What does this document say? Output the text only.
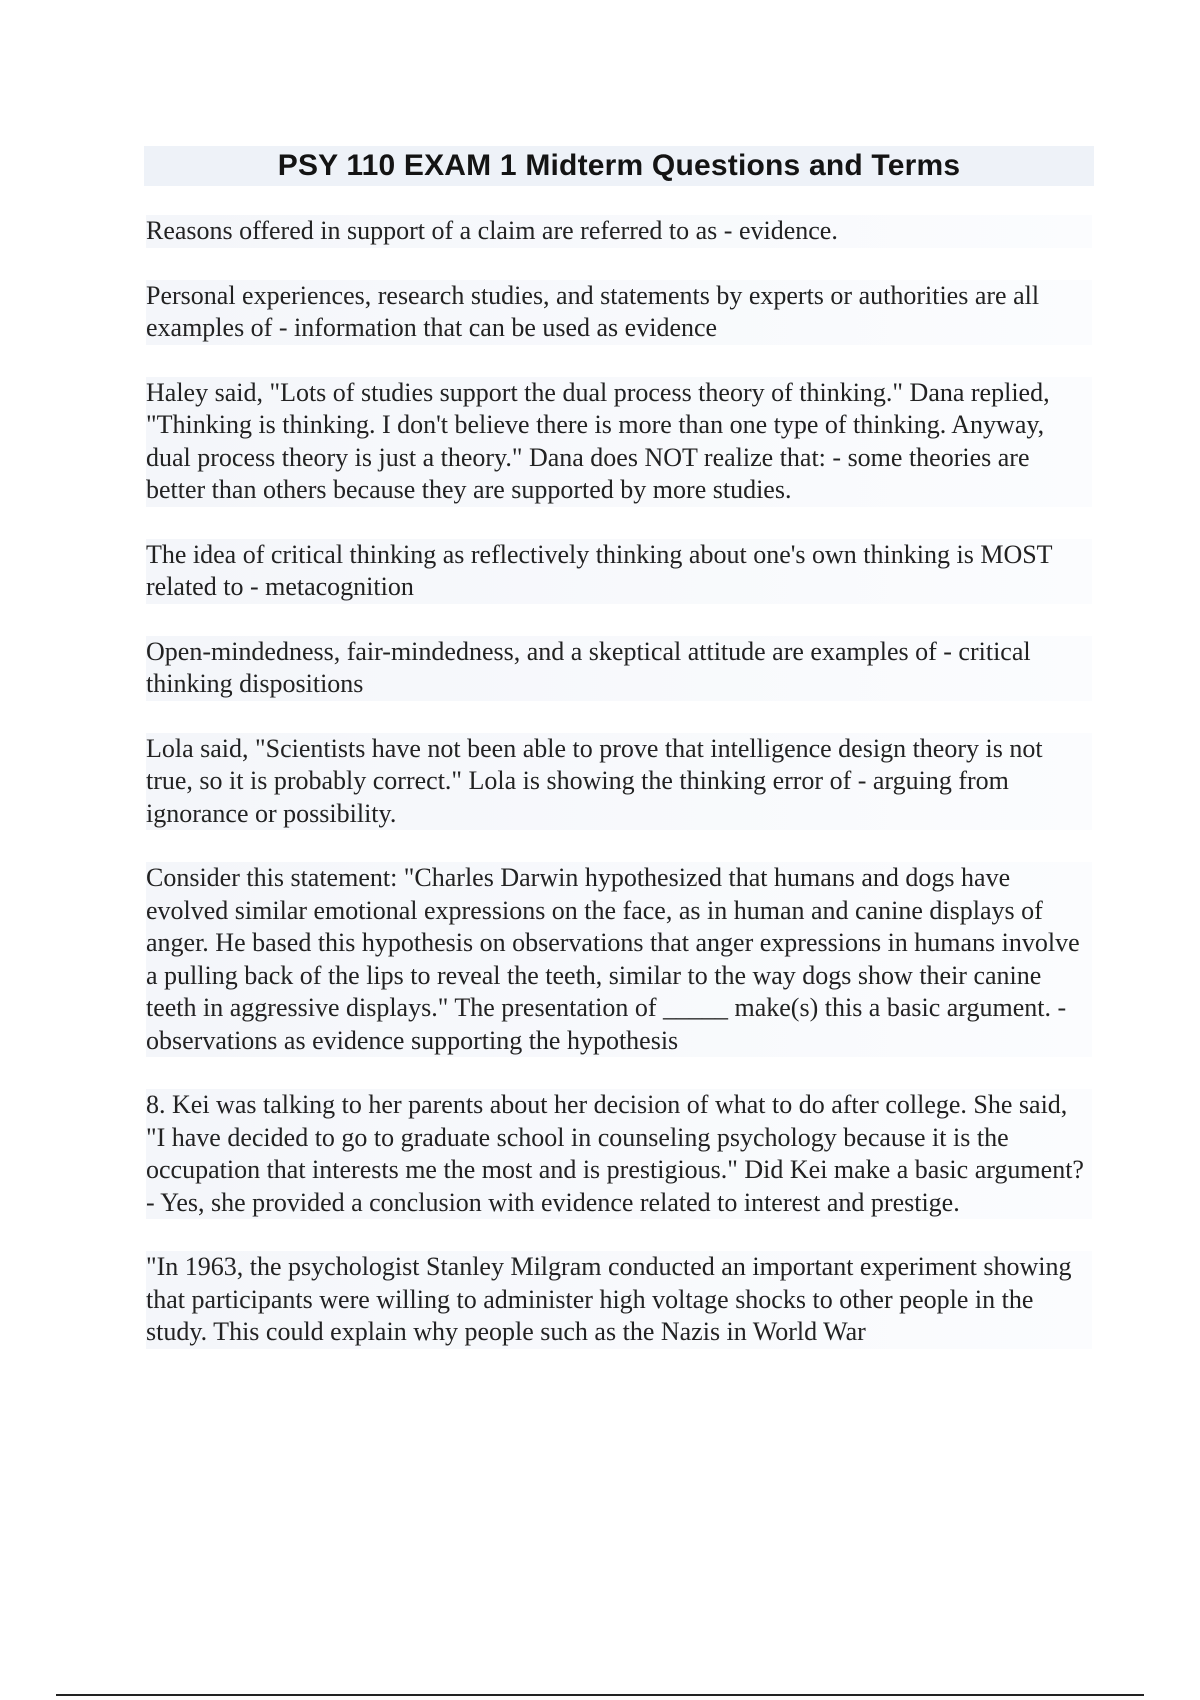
PSY 110 EXAM 1 Midterm Questions and Terms

Reasons offered in support of a claim are referred to as - evidence.

Personal experiences, research studies, and statements by experts or authorities are all examples of - information that can be used as evidence

Haley said, "Lots of studies support the dual process theory of thinking." Dana replied, "Thinking is thinking. I don't believe there is more than one type of thinking. Anyway, dual process theory is just a theory." Dana does NOT realize that: - some theories are better than others because they are supported by more studies.

The idea of critical thinking as reflectively thinking about one's own thinking is MOST related to - metacognition

Open-mindedness, fair-mindedness, and a skeptical attitude are examples of - critical thinking dispositions

Lola said, "Scientists have not been able to prove that intelligence design theory is not true, so it is probably correct." Lola is showing the thinking error of - arguing from ignorance or possibility.

Consider this statement: "Charles Darwin hypothesized that humans and dogs have evolved similar emotional expressions on the face, as in human and canine displays of anger. He based this hypothesis on observations that anger expressions in humans involve a pulling back of the lips to reveal the teeth, similar to the way dogs show their canine teeth in aggressive displays." The presentation of _____ make(s) this a basic argument. - observations as evidence supporting the hypothesis

8. Kei was talking to her parents about her decision of what to do after college. She said, "I have decided to go to graduate school in counseling psychology because it is the occupation that interests me the most and is prestigious." Did Kei make a basic argument? - Yes, she provided a conclusion with evidence related to interest and prestige.

"In 1963, the psychologist Stanley Milgram conducted an important experiment showing that participants were willing to administer high voltage shocks to other people in the study. This could explain why people such as the Nazis in World War
